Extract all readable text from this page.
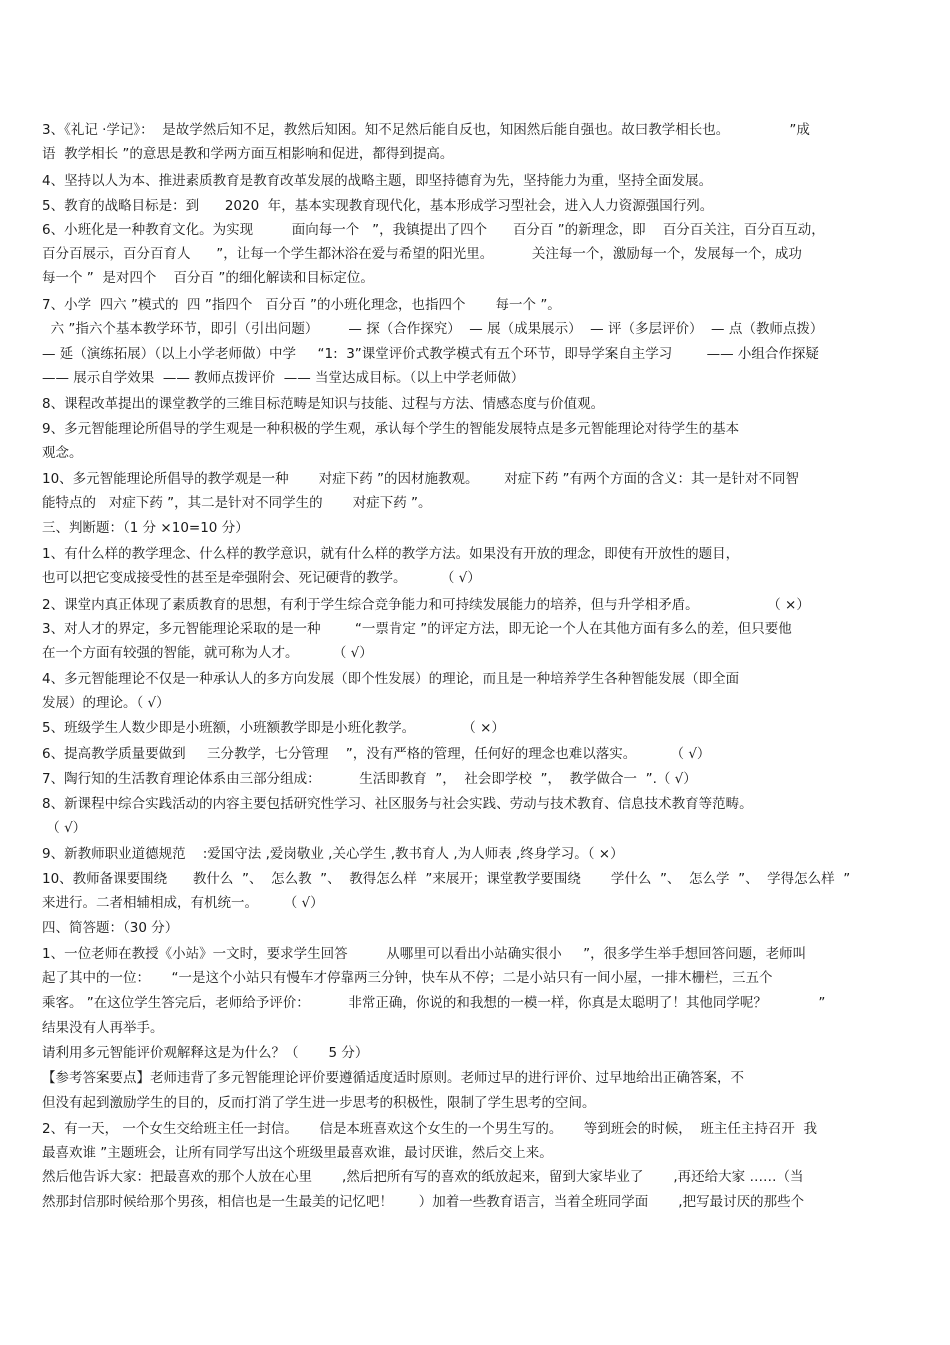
3、《礼记 ·学记》：  是故学然后知不足，教然后知困。知不足然后能自反也，知困然后能自强也。故曰教学相长也。              ”成
语  教学相长 ”的意思是教和学两方面互相影响和促进，都得到提高。
4、坚持以人为本、推进素质教育是教育改革发展的战略主题，即坚持德育为先，坚持能力为重，坚持全面发展。
5、教育的战略目标是：到      2020  年，基本实现教育现代化，基本形成学习型社会，进入人力资源强国行列。
6、小班化是一种教育文化。为实现         面向每一个   ”，我镇提出了四个      百分百 ”的新理念，即    百分百关注，百分百互动，
百分百展示，百分百育人      ”，让每一个学生都沐浴在爱与希望的阳光里。         关注每一个，激励每一个，发展每一个，成功
每一个 ”  是对四个    百分百 ”的细化解读和目标定位。
7、小学  四六 ”模式的  四 ”指四个   百分百 ”的小班化理念，也指四个       每一个 ”。
六 ”指六个基本教学环节，即引（引出问题）       — 探（合作探究）  — 展（成果展示）  — 评（多层评价）  — 点（教师点拨）
— 延（演练拓展）（以上小学老师做）中学     “1:  3”课堂评价式教学模式有五个环节，即导学案自主学习        —— 小组合作探疑
—— 展示自学效果  —— 教师点拨评价  —— 当堂达成目标。（以上中学老师做）
8、课程改革提出的课堂教学的三维目标范畴是知识与技能、过程与方法、情感态度与价值观。
9、多元智能理论所倡导的学生观是一种积极的学生观，承认每个学生的智能发展特点是多元智能理论对待学生的基本
观念。
10、多元智能理论所倡导的教学观是一种       对症下药 ”的因材施教观。      对症下药 ”有两个方面的含义：其一是针对不同智
能特点的   对症下药 ”，其二是针对不同学生的       对症下药 ”。
三、判断题：（1 分 ×10=10 分）
1、有什么样的教学理念、什么样的教学意识，就有什么样的教学方法。如果没有开放的理念，即使有开放性的题目，
也可以把它变成接受性的甚至是牵强附会、死记硬背的教学。        （ √）
2、课堂内真正体现了素质教育的思想，有利于学生综合竞争能力和可持续发展能力的培养，但与升学相矛盾。                （ ×）
3、对人才的界定，多元智能理论采取的是一种        “一票肯定 ”的评定方法，即无论一个人在其他方面有多么的差，但只要他
在一个方面有较强的智能，就可称为人才。        （ √）
4、多元智能理论不仅是一种承认人的多方向发展（即个性发展）的理论，而且是一种培养学生各种智能发展（即全面
发展）的理论。（ √）
5、班级学生人数少即是小班额，小班额教学即是小班化教学。           （ ×）
6、提高教学质量要做到     三分教学，七分管理    ”，没有严格的管理，任何好的理念也难以落实。        （ √）
7、陶行知的生活教育理论体系由三部分组成：         生活即教育  ”，  社会即学校  ”，  教学做合一  ”.（ √）
8、新课程中综合实践活动的内容主要包括研究性学习、社区服务与社会实践、劳动与技术教育、信息技术教育等范畴。
（ √）
9、新教师职业道德规范    :爱国守法 ,爱岗敬业 ,关心学生 ,教书育人 ,为人师表 ,终身学习。（ ×）
10、教师备课要围绕      教什么  ”、  怎么教  ”、  教得怎么样  ”来展开；课堂教学要围绕       学什么  ”、  怎么学  ”、  学得怎么样  ”
来进行。二者相辅相成，有机统一。      （ √）
四、简答题：（30 分）
1、一位老师在教授《小站》一文时，要求学生回答         从哪里可以看出小站确实很小     ”，很多学生举手想回答问题，老师叫
起了其中的一位：     “一是这个小站只有慢车才停靠两三分钟，快车从不停；二是小站只有一间小屋，一排木栅栏，三五个
乘客。 ”在这位学生答完后，老师给予评价：         非常正确，你说的和我想的一模一样，你真是太聪明了！其他同学呢？            ”
结果没有人再举手。
请利用多元智能评价观解释这是为什么？（       5 分）
【参考答案要点】老师违背了多元智能理论评价要遵循适度适时原则。老师过早的进行评价、过早地给出正确答案，不
但没有起到激励学生的目的，反而打消了学生进一步思考的积极性，限制了学生思考的空间。
2、有一天， 一个女生交给班主任一封信。     信是本班喜欢这个女生的一个男生写的。     等到班会的时候，  班主任主持召开  我
最喜欢谁 ”主题班会，让所有同学写出这个班级里最喜欢谁，最讨厌谁，然后交上来。
然后他告诉大家：把最喜欢的那个人放在心里       ,然后把所有写的喜欢的纸放起来，留到大家毕业了       ,再还给大家 ……（当
然那封信那时候给那个男孩，相信也是一生最美的记忆吧！      ）加着一些教育语言，当着全班同学面       ,把写最讨厌的那些个
